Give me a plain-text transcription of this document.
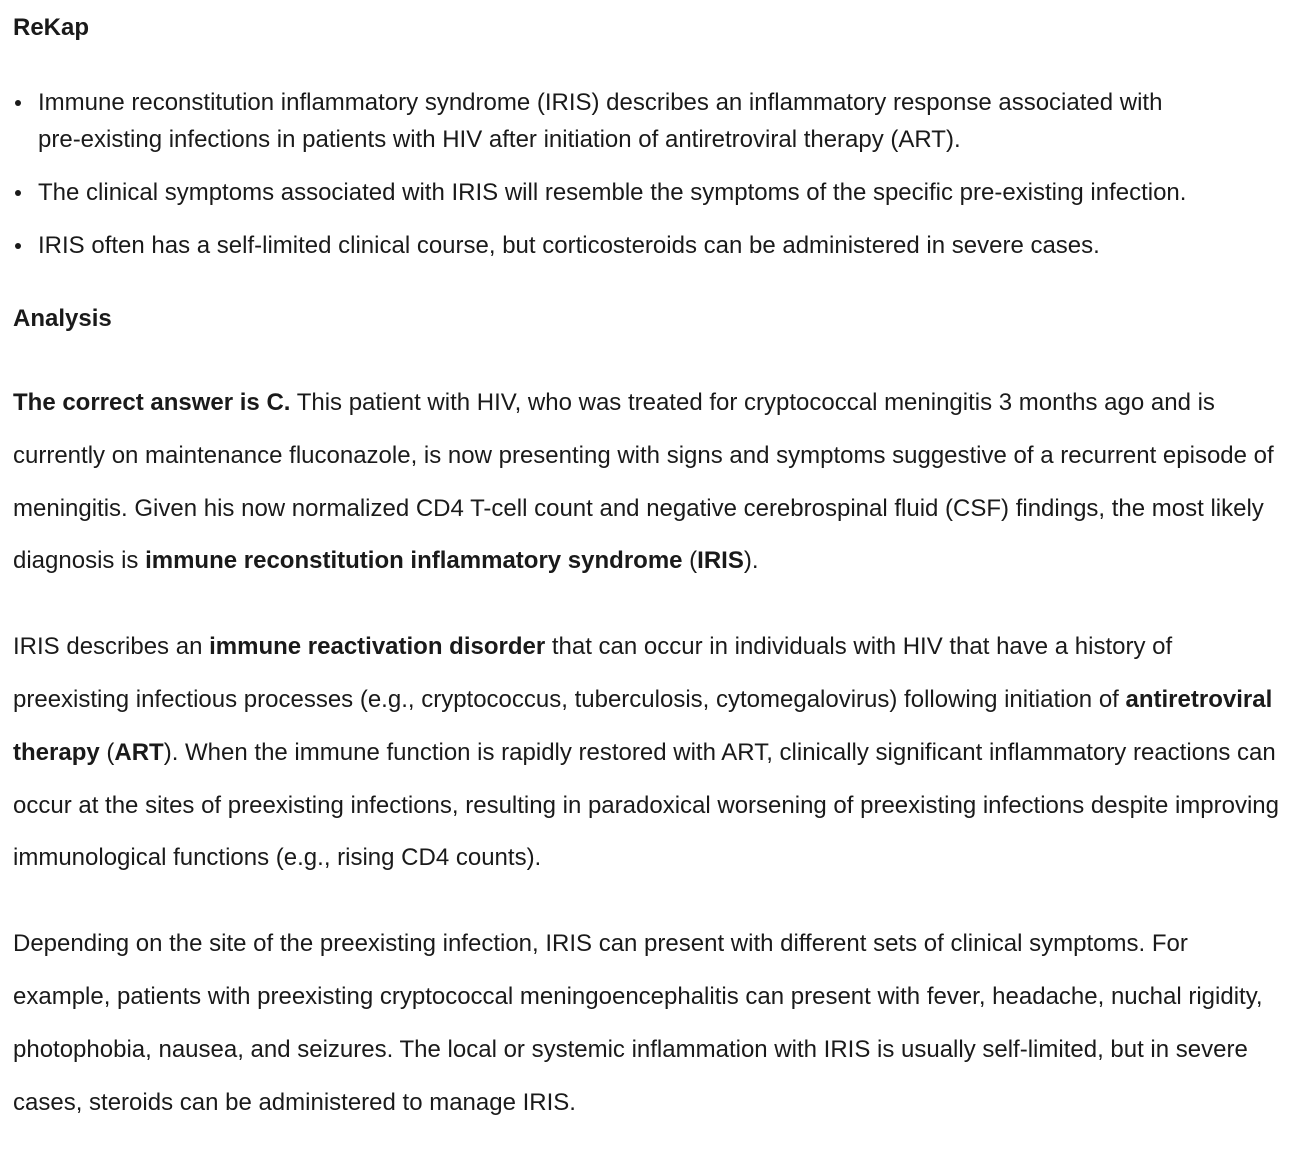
ReKap
Immune reconstitution inflammatory syndrome (IRIS) describes an inflammatory response associated with
pre-existing infections in patients with HIV after initiation of antiretroviral therapy (ART).
The clinical symptoms associated with IRIS will resemble the symptoms of the specific pre-existing infection.
IRIS often has a self-limited clinical course, but corticosteroids can be administered in severe cases.
Analysis

The correct answer is C. This patient with HIV, who was treated for cryptococcal meningitis 3 months ago and is currently on maintenance fluconazole, is now presenting with signs and symptoms suggestive of a recurrent episode of meningitis. Given his now normalized CD4 T-cell count and negative cerebrospinal fluid (CSF) findings, the most likely diagnosis is immune reconstitution inflammatory syndrome (IRIS).

IRIS describes an immune reactivation disorder that can occur in individuals with HIV that have a history of preexisting infectious processes (e.g., cryptococcus, tuberculosis, cytomegalovirus) following initiation of antiretroviral therapy (ART). When the immune function is rapidly restored with ART, clinically significant inflammatory reactions can occur at the sites of preexisting infections, resulting in paradoxical worsening of preexisting infections despite improving immunological functions (e.g., rising CD4 counts).

Depending on the site of the preexisting infection, IRIS can present with different sets of clinical symptoms. For example, patients with preexisting cryptococcal meningoencephalitis can present with fever, headache, nuchal rigidity, photophobia, nausea, and seizures. The local or systemic inflammation with IRIS is usually self-limited, but in severe cases, steroids can be administered to manage IRIS.
